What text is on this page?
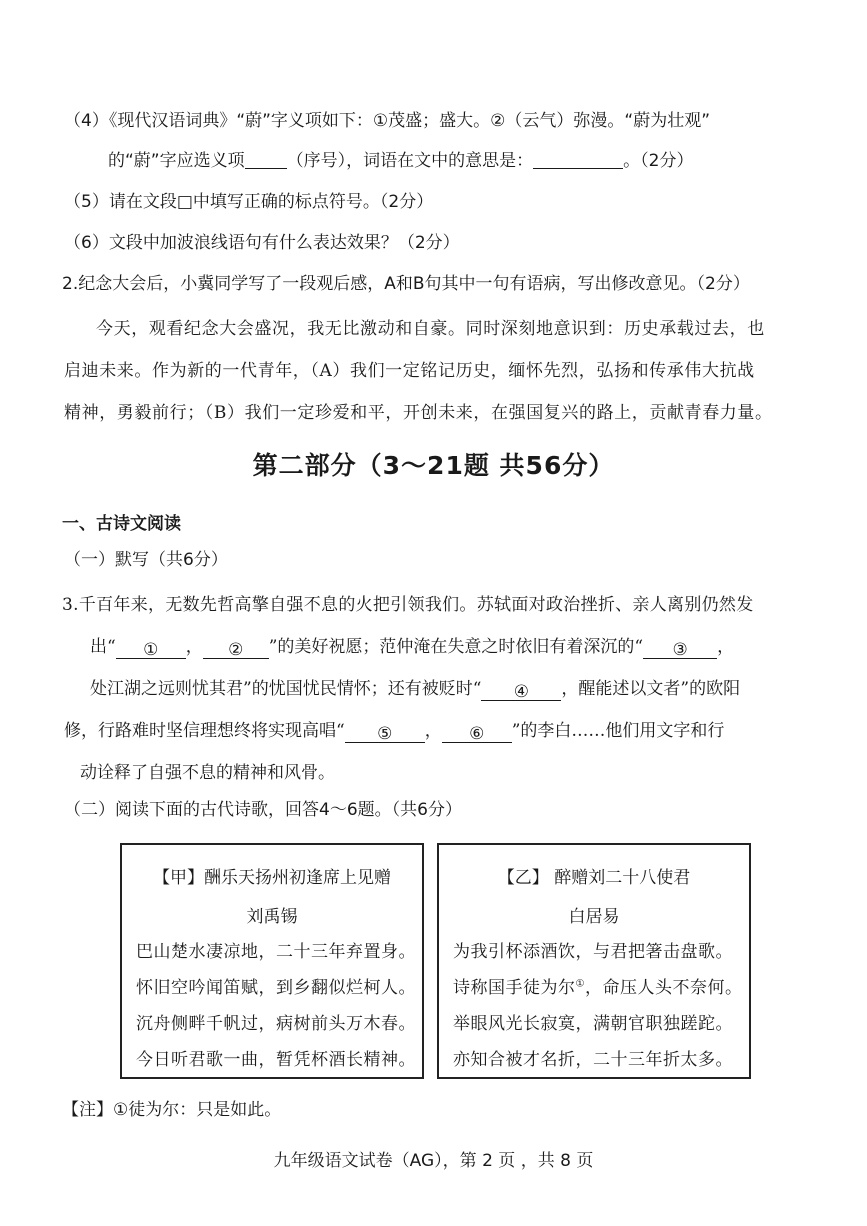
（4）《现代汉语词典》“蔚”字义项如下：①茂盛；盛大。②（云气）弥漫。“蔚为壮观”
的“蔚”字应选义项 （序号），词语在文中的意思是：	。（2分）
（5）请在文段□中填写正确的标点符号。（2分）
（6）文段中加波浪线语句有什么表达效果？（2分）
2.纪念大会后，小冀同学写了一段观后感，A和B句其中一句有语病，写出修改意见。（2分）
今天，观看纪念大会盛况，我无比激动和自豪。同时深刻地意识到：历史承载过去，也
启迪未来。作为新的一代青年，（A）我们一定铭记历史，缅怀先烈，弘扬和传承伟大抗战
精神，勇毅前行；（B）我们一定珍爱和平，开创未来，在强国复兴的路上，贡献青春力量。
第二部分（3～21题 共56分）
一、古诗文阅读
（一）默写（共6分）
3.千百年来，无数先哲高擎自强不息的火把引领我们。苏轼面对政治挫折、亲人离别仍然发
出“ ① ， ② ”的美好祝愿；范仲淹在失意之时依旧有着深沉的“ ③ ，
处江湖之远则忧其君”的忧国忧民情怀；还有被贬时“ ④ ，醒能述以文者”的欧阳
修，行路难时坚信理想终将实现高唱“ ⑤ ， ⑥ ”的李白……他们用文字和行
动诠释了自强不息的精神和风骨。
（二）阅读下面的古代诗歌，回答4～6题。（共6分）
【甲】酬乐天扬州初逢席上见赠
刘禹锡
巴山楚水凄凉地，二十三年弃置身。
怀旧空吟闻笛赋，到乡翻似烂柯人。
沉舟侧畔千帆过，病树前头万木春。
今日听君歌一曲，暂凭杯酒长精神。
【乙】 醉赠刘二十八使君
白居易
为我引杯添酒饮，与君把箸击盘歌。
诗称国手徒为尔①，命压人头不奈何。
举眼风光长寂寞，满朝官职独蹉跎。
亦知合被才名折，二十三年折太多。
【注】①徒为尔：只是如此。
九年级语文试卷（AG），第 2 页 ，共 8 页
